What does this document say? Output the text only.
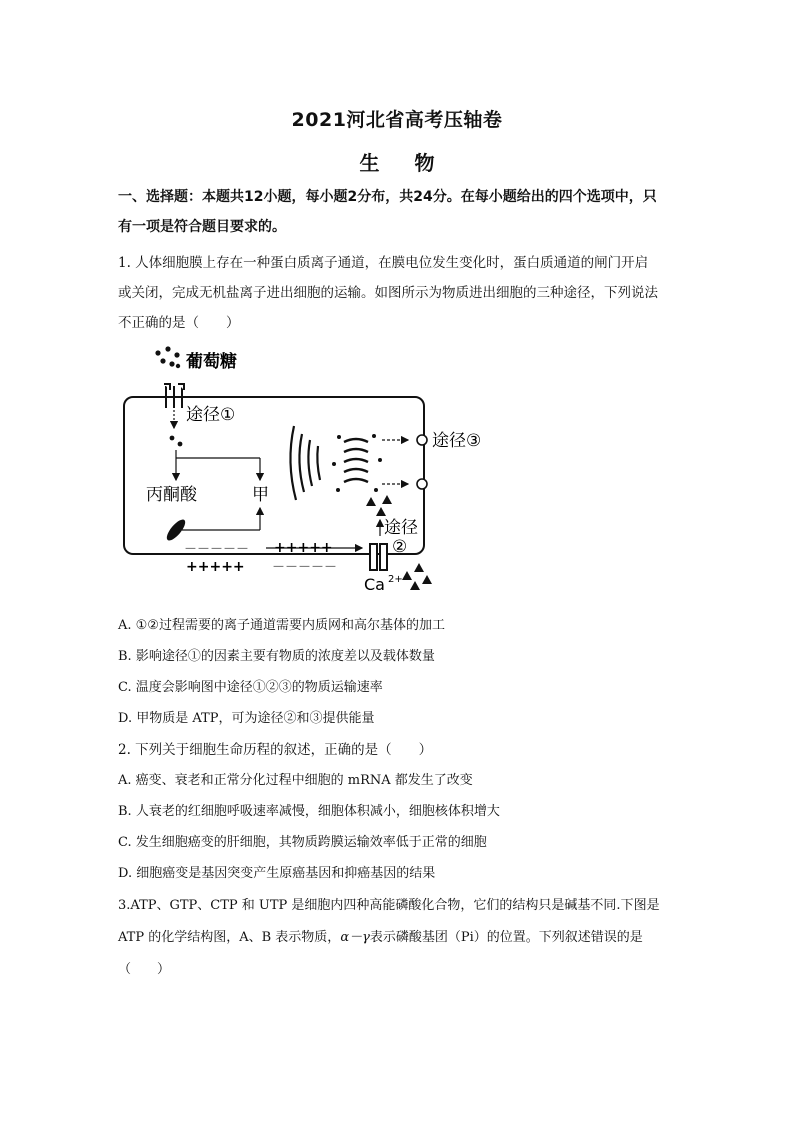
2021河北省高考压轴卷
生 物
一、选择题：本题共12小题，每小题2分布，共24分。在每小题给出的四个选项中，只
有一项是符合题目要求的。
1. 人体细胞膜上存在一种蛋白质离子通道，在膜电位发生变化时，蛋白质通道的闸门开启
或关闭，完成无机盐离子进出细胞的运输。如图所示为物质进出细胞的三种途径，下列说法
不正确的是（　　）
葡萄糖
途径①
丙酮酸	甲
途径③
途径
②
－－－－－ +++++
+++++ －－－－－
Ca 2+
A. ①②过程需要的离子通道需要内质网和高尔基体的加工
B. 影响途径①的因素主要有物质的浓度差以及载体数量
C. 温度会影响图中途径①②③的物质运输速率
D. 甲物质是 ATP，可为途径②和③提供能量
2. 下列关于细胞生命历程的叙述，正确的是（　　）
A. 癌变、衰老和正常分化过程中细胞的 mRNA 都发生了改变
B. 人衰老的红细胞呼吸速率减慢，细胞体积减小，细胞核体积增大
C. 发生细胞癌变的肝细胞，其物质跨膜运输效率低于正常的细胞
D. 细胞癌变是基因突变产生原癌基因和抑癌基因的结果
3.ATP、GTP、CTP 和 UTP 是细胞内四种高能磷酸化合物，它们的结构只是碱基不同.下图是
ATP 的化学结构图，A、B 表示物质，α－γ表示磷酸基团（Pi）的位置。下列叙述错误的是
（　　）
